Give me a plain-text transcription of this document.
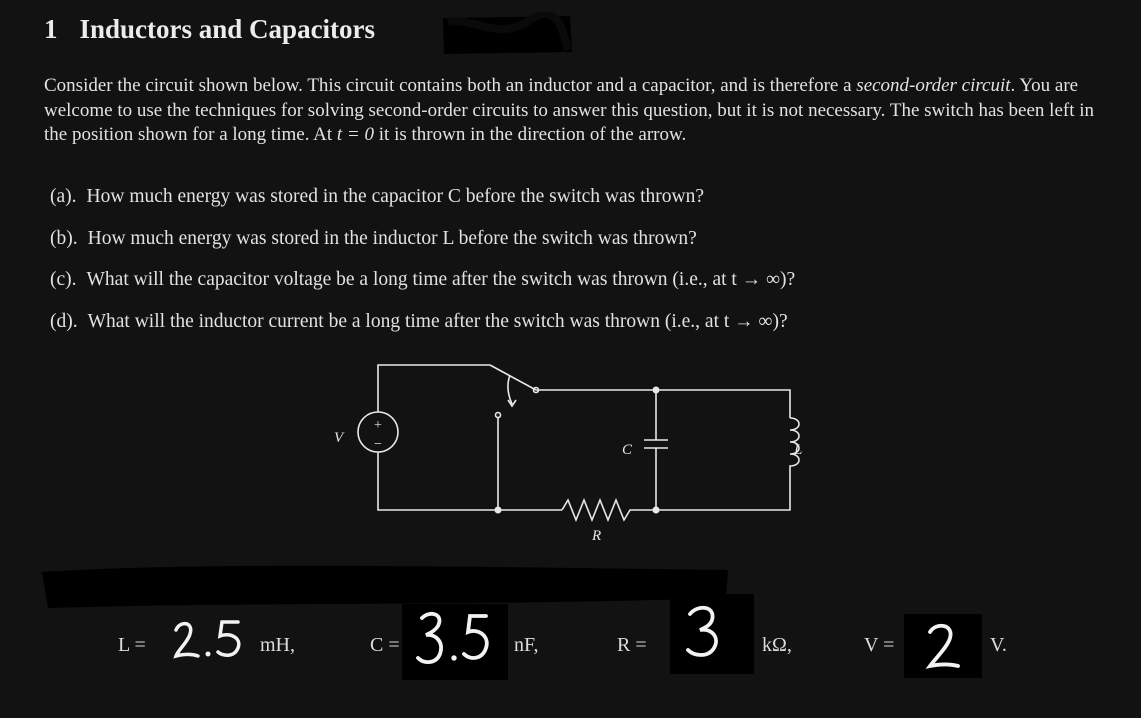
1 Inductors and Capacitors

Consider the circuit shown below. This circuit contains both an inductor and a capacitor, and is therefore a second-order circuit. You are welcome to use the techniques for solving second-order circuits to answer this question, but it is not necessary. The switch has been left in the position shown for a long time. At t = 0 it is thrown in the direction of the arrow.

(a). How much energy was stored in the capacitor C before the switch was thrown?
(b). How much energy was stored in the inductor L before the switch was thrown?
(c). What will the capacitor voltage be a long time after the switch was thrown (i.e., at t → ∞)?
(d). What will the inductor current be a long time after the switch was thrown (i.e., at t → ∞)?
+
−
V
C	L
R
L =	mH,	C =	nF,	R =	kΩ,	V =	V.
